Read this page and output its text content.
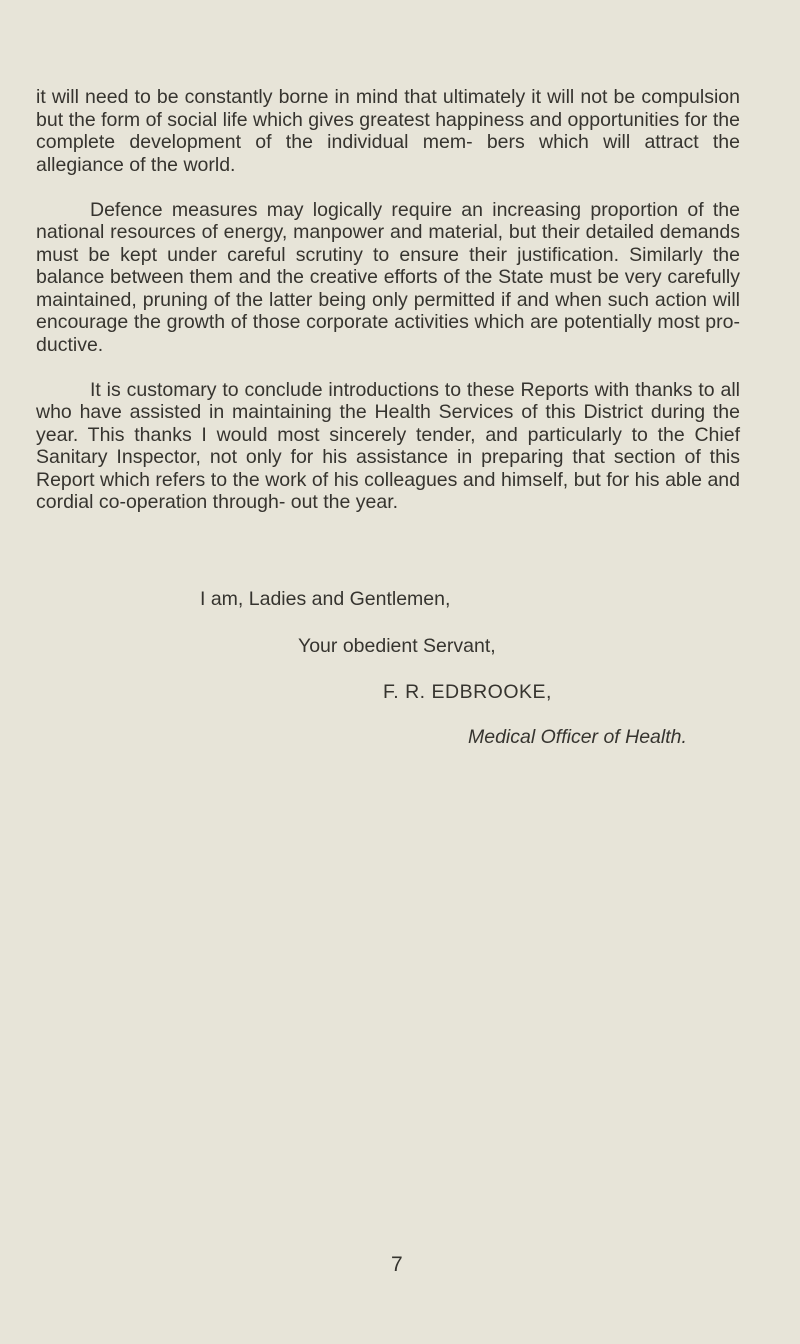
it will need to be constantly borne in mind that ultimately it will not be compulsion but the form of social life which gives greatest happiness and opportunities for the complete development of the individual mem- bers which will attract the allegiance of the world.

Defence measures may logically require an increasing proportion of the national resources of energy, manpower and material, but their detailed demands must be kept under careful scrutiny to ensure their justification. Similarly the balance between them and the creative efforts of the State must be very carefully maintained, pruning of the latter being only permitted if and when such action will encourage the growth of those corporate activities which are potentially most pro- ductive.

It is customary to conclude introductions to these Reports with thanks to all who have assisted in maintaining the Health Services of this District during the year. This thanks I would most sincerely tender, and particularly to the Chief Sanitary Inspector, not only for his assistance in preparing that section of this Report which refers to the work of his colleagues and himself, but for his able and cordial co-operation through- out the year.

I am, Ladies and Gentlemen,
Your obedient Servant,
F. R. EDBROOKE,
Medical Officer of Health.
7
